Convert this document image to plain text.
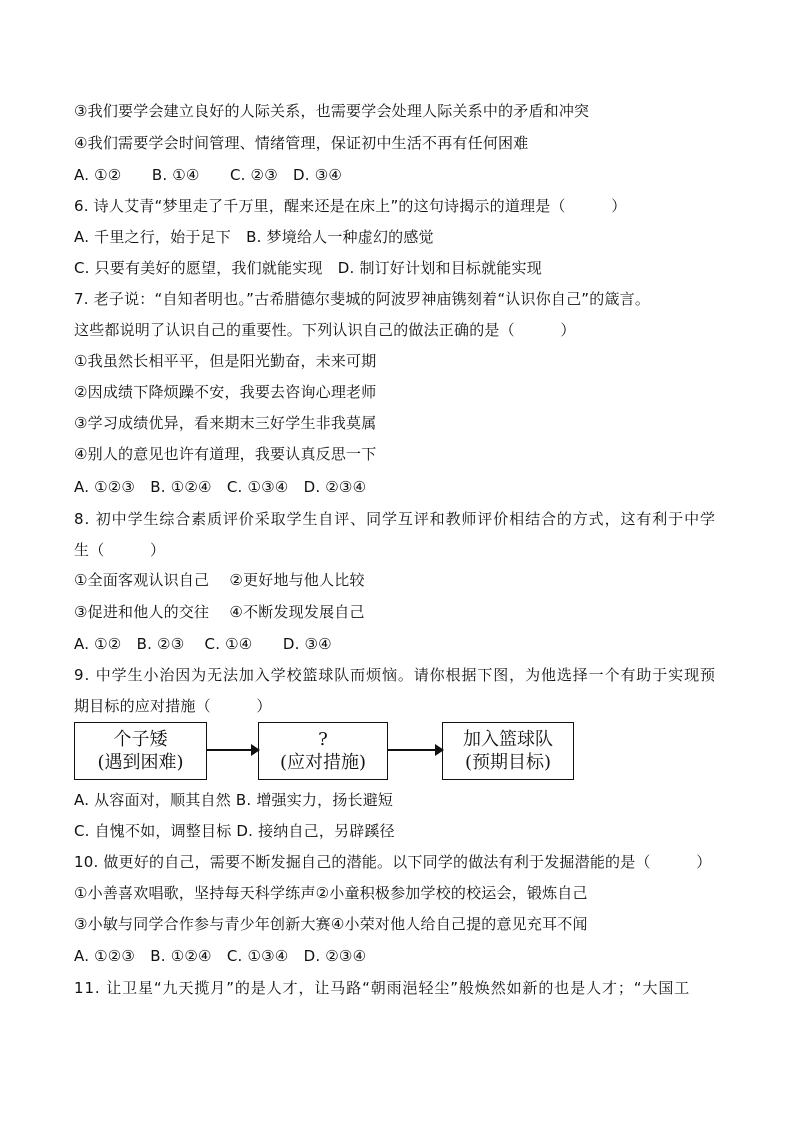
③我们要学会建立良好的人际关系，也需要学会处理人际关系中的矛盾和冲突
④我们需要学会时间管理、情绪管理，保证初中生活不再有任何困难
A. ①②　　B. ①④　　C. ②③　D. ③④
6. 诗人艾青“梦里走了千万里，醒来还是在床上”的这句诗揭示的道理是（　　　）
A. 千里之行，始于足下　B. 梦境给人一种虚幻的感觉
C. 只要有美好的愿望，我们就能实现　D. 制订好计划和目标就能实现
7. 老子说：“自知者明也。”古希腊德尔斐城的阿波罗神庙镌刻着“认识你自己”的箴言。
这些都说明了认识自己的重要性。下列认识自己的做法正确的是（　　　）
①我虽然长相平平，但是阳光勤奋，未来可期
②因成绩下降烦躁不安，我要去咨询心理老师
③学习成绩优异，看来期末三好学生非我莫属
④别人的意见也许有道理，我要认真反思一下
A. ①②③　B. ①②④　C. ①③④　D. ②③④
8. 初中学生综合素质评价采取学生自评、同学互评和教师评价相结合的方式，这有利于中学
生（　　　）
①全面客观认识自己　 ②更好地与他人比较
③促进和他人的交往　 ④不断发现发展自己
A. ①②　B. ②③　 C. ①④　　D. ③④
9. 中学生小治因为无法加入学校篮球队而烦恼。请你根据下图，为他选择一个有助于实现预
期目标的应对措施（　　　）
个子矮
(遇到困难)
?
(应对措施)
加入篮球队
(预期目标)
A. 从容面对，顺其自然 B. 增强实力，扬长避短
C. 自愧不如，调整目标 D. 接纳自己，另辟蹊径
10. 做更好的自己，需要不断发掘自己的潜能。以下同学的做法有利于发掘潜能的是（　　　）
①小善喜欢唱歌，坚持每天科学练声②小童积极参加学校的校运会，锻炼自己
③小敏与同学合作参与青少年创新大赛④小荣对他人给自己提的意见充耳不闻
A. ①②③　B. ①②④　C. ①③④　D. ②③④
11. 让卫星“九天揽月”的是人才，让马路“朝雨浥轻尘”般焕然如新的也是人才；“大国工
